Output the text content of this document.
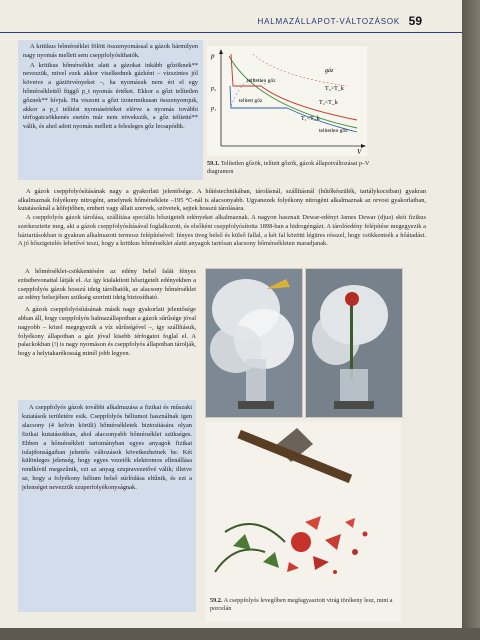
HALMAZÁLLAPOT-VÁLTOZÁSOK 59

A kritikus hőmérséklet fölött összenyomással a gázok bármilyen nagy nyomás mellett sem cseppfolyósíthatók.

A kritikus hőmérséklet alatt a gázokat inkább gőzöknek** nevezzük, mivel ezek akkor viselkednek gázként – vízszintes jól követve a gáztörvényeket –, ha nyomásuk nem éri el egy hőmérséklettől függő p_t nyomás értéket. Ekkor a gőzt telítetlen gőznek** hívjuk. Ha viszont a gőzt izotermikusan összenyomjuk, akkor a p_t telítési nyomásértéket elérve a nyomás további térfogatcsökkenés esetén már nem növekszik, a gőz telítetté** válik, és ahol adott nyomás mellett a felesleges gőz lecsapódik.

p
V
p₂
p₁
gáz
telítetlen gőz
telített gőz
T₃>T_k
T₂<T_k
T₁<T_k
telítetlen gőz
59.1. Telítetlen gőzök, telített gőzök, gázok állapotváltozásai p–V diagramon

A gázok cseppfolyósításának nagy a gyakorlati jelentősége. A hűtéstechnikában, tárolásnál, szállításnál (hűtőkészülék, tartálykocsiban) gyakran alkalmaznak folyékony nitrogént, amelynek hőmérséklete –195 °C-nál is alacsonyabb. Ugyanezek folyékony nitrogént alkalmaznak az orvosi gyakorlatban, kutatásoknál a kőfejtőben, emberi vagy állati szervek, szövetek, sejtek hosszú tárolására.

A cseppfolyós gázok tárolása, szállítása speciális hőszigetelt edényeket alkalmaznak. A nagyon hasznait Dewar-edényt James Dewar (djuə) skót fizikus szerkesztette meg, aki a gázok cseppfolyósításával foglalkozott, és elsőként cseppfolyósította 1898-ban a hidrogéngázt. A tárolóedény felépítése megegyezik a háztartásokban is gyakran alkalmazott termosz felépítésével: fényes üveg belső és külső fallal, a két fal közötti légüres résszel, hogy csökkentsék a hőátadást. A jó hőszigetelés lehetővé teszi, hogy a kritikus hőmérséklet alatti anyagok tartósan alacsony hőmérsékleten maradjanak.

A hőmérséklet-csökkentésére az edény belső falát fényes ezüstbevonattal látják el. Az így kialakított hőszigetelt edényekben a cseppfolyós gázok hosszú ideig tárolhatók, az alacsony hőmérséklet az edény belsejében szükség szerinti ideig biztosítható.

A gázok cseppfolyósításának másik nagy gyakorlati jelentősége abban áll, hogy cseppfolyós halmazállapotban a gázok sűrűsége jóval nagyobb – közel megegyezik a víz sűrűségével –, így szállításuk, folyékony állapotban a gáz jóval kisebb térfogatot foglal el. A palackokban (!) is nagy nyomáson és cseppfolyós állapotban tárolják, hogy a helytakarékosság minél jobb legyen.

A cseppfolyós gázok további alkalmazása a fizikai és műszaki kutatások területére esik. Cseppfolyós héliumot használnak igen alacsony (4 kelvin körüli) hőmérsékletek biztosítására olyan fizikai kutatásokban, ahol alacsonyabb hőmérséklet szükséges. Ebben a hőmérsékleti tartományban egyes anyagok fizikai tulajdonságaiban jelentős változások következhetnek be. Két különleges jelenség, hogy egyes vezetők elektromos ellenállása rendkívül megszűnik, ezt az anyag szupravezetővé válik; illetve az, hogy a folyékony hélium belső súrlódása eltűnik, és ezt a jelenséget nevezzük szuperfolyékonyságnak.

59.2. A cseppfolyós levegőben megfagyasztott virág törékeny lesz, mint a porcelán
